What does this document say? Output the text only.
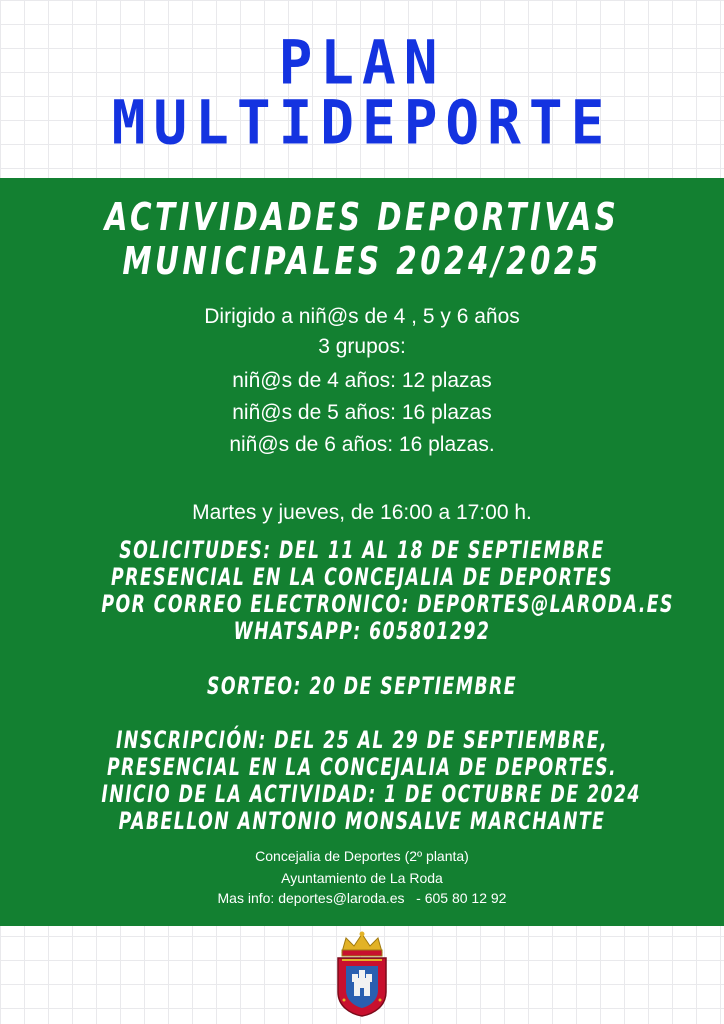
PLAN
MULTIDEPORTE
ACTIVIDADES DEPORTIVAS
MUNICIPALES 2024/2025
Dirigido a niñ@s de 4 , 5 y 6 años
3 grupos:
niñ@s de 4 años: 12 plazas
niñ@s de 5 años: 16 plazas
niñ@s de 6 años: 16 plazas.
Martes y jueves, de 16:00 a 17:00 h.
SOLICITUDES: DEL 11 AL 18 DE SEPTIEMBRE
PRESENCIAL EN LA CONCEJALIA DE DEPORTES
POR CORREO ELECTRONICO: DEPORTES@LARODA.ES
WHATSAPP: 605801292
SORTEO: 20 DE SEPTIEMBRE
INSCRIPCIÓN: DEL 25 AL 29 DE SEPTIEMBRE,
PRESENCIAL EN LA CONCEJALIA DE DEPORTES.
INICIO DE LA ACTIVIDAD: 1 DE OCTUBRE DE 2024
PABELLON ANTONIO MONSALVE MARCHANTE
Concejalia de Deportes (2º planta)
Ayuntamiento de La Roda
Mas info: deportes@laroda.es   - 605 80 12 92
